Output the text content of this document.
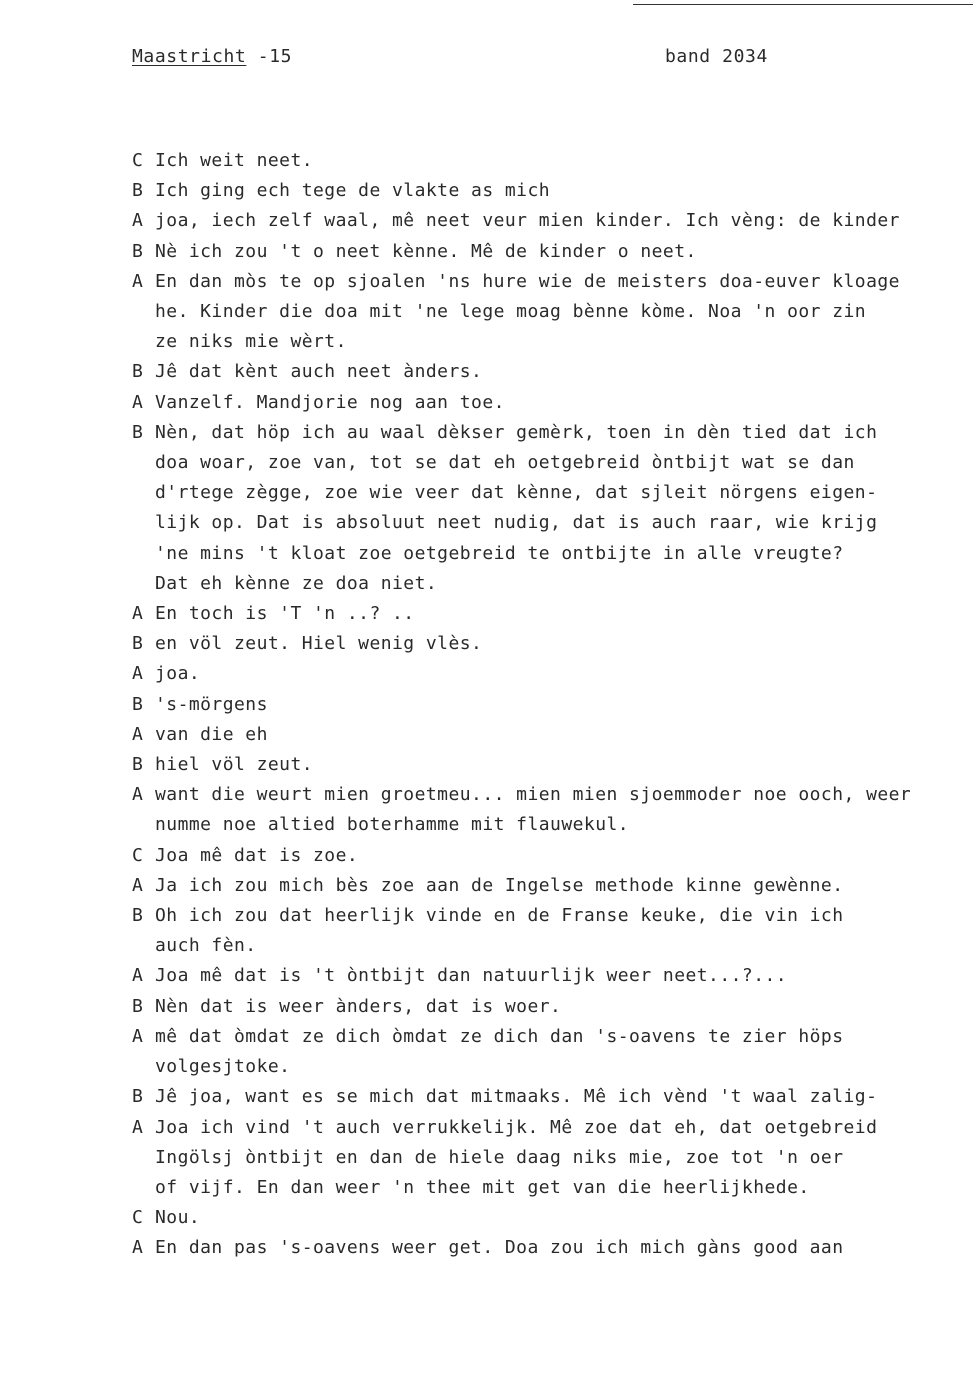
Maastricht -15	band 2034
C Ich weit neet.
B Ich ging ech tege de vlakte as mich
A joa, iech zelf waal, mê neet veur mien kinder. Ich vèng: de kinder
B Nè ich zou 't o neet kènne. Mê de kinder o neet.
A En dan mòs te op sjoalen 'ns hure wie de meisters doa-euver kloage
he. Kinder die doa mit 'ne lege moag bènne kòme. Noa 'n oor zin
ze niks mie wèrt.
B Jê dat kènt auch neet ànders.
A Vanzelf. Mandjorie nog aan toe.
B Nèn, dat höp ich au waal dèkser gemèrk, toen in dèn tied dat ich
doa woar, zoe van, tot se dat eh oetgebreid òntbijt wat se dan
d'rtege zègge, zoe wie veer dat kènne, dat sjleit nörgens eigen-
lijk op. Dat is absoluut neet nudig, dat is auch raar, wie krijg
'ne mins 't kloat zoe oetgebreid te ontbijte in alle vreugte?
Dat eh kènne ze doa niet.
A En toch is 'T 'n ..? ..
B en völ zeut. Hiel wenig vlès.
A joa.
B 's-mörgens
A van die eh
B hiel völ zeut.
A want die weurt mien groetmeu... mien mien sjoemmoder noe ooch, weer
numme noe altied boterhamme mit flauwekul.
C Joa mê dat is zoe.
A Ja ich zou mich bès zoe aan de Ingelse methode kinne gewènne.
B Oh ich zou dat heerlijk vinde en de Franse keuke, die vin ich
auch fèn.
A Joa mê dat is 't òntbijt dan natuurlijk weer neet...?...
B Nèn dat is weer ànders, dat is woer.
A mê dat òmdat ze dich òmdat ze dich dan 's-oavens te zier höps
volgesjtoke.
B Jê joa, want es se mich dat mitmaaks. Mê ich vènd 't waal zalig-
A Joa ich vind 't auch verrukkelijk. Mê zoe dat eh, dat oetgebreid
Ingölsj òntbijt en dan de hiele daag niks mie, zoe tot 'n oer
of vijf. En dan weer 'n thee mit get van die heerlijkhede.
C Nou.
A En dan pas 's-oavens weer get. Doa zou ich mich gàns good aan
